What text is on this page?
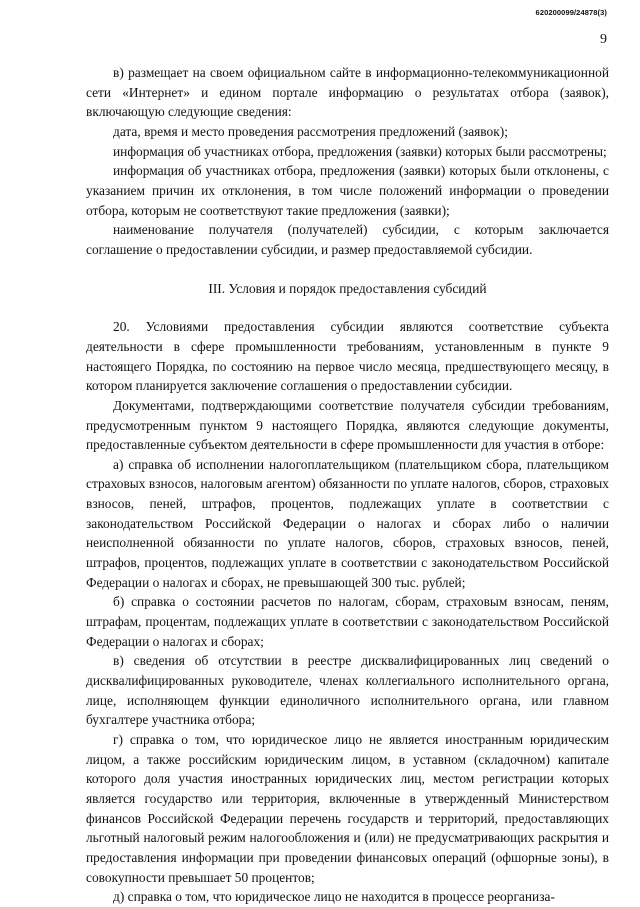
620200099/24878(3)
9

в) размещает на своем официальном сайте в информационно-телекоммуникационной сети «Интернет» и едином портале информацию о результатах отбора (заявок), включающую следующие сведения:

дата, время и место проведения рассмотрения предложений (заявок);

информация об участниках отбора, предложения (заявки) которых были рассмотрены;

информация об участниках отбора, предложения (заявки) которых были отклонены, с указанием причин их отклонения, в том числе положений информации о проведении отбора, которым не соответствуют такие предложения (заявки);

наименование получателя (получателей) субсидии, с которым заключается соглашение о предоставлении субсидии, и размер предоставляемой субсидии.

III. Условия и порядок предоставления субсидий

20. Условиями предоставления субсидии являются соответствие субъекта деятельности в сфере промышленности требованиям, установленным в пункте 9 настоящего Порядка, по состоянию на первое число месяца, предшествующего месяцу, в котором планируется заключение соглашения о предоставлении субсидии.

Документами, подтверждающими соответствие получателя субсидии требованиям, предусмотренным пунктом 9 настоящего Порядка, являются следующие документы, предоставленные субъектом деятельности в сфере промышленности для участия в отборе:

а) справка об исполнении налогоплательщиком (плательщиком сбора, плательщиком страховых взносов, налоговым агентом) обязанности по уплате налогов, сборов, страховых взносов, пеней, штрафов, процентов, подлежащих уплате в соответствии с законодательством Российской Федерации о налогах и сборах либо о наличии неисполненной обязанности по уплате налогов, сборов, страховых взносов, пеней, штрафов, процентов, подлежащих уплате в соответствии с законодательством Российской Федерации о налогах и сборах, не превышающей 300 тыс. рублей;

б) справка о состоянии расчетов по налогам, сборам, страховым взносам, пеням, штрафам, процентам, подлежащих уплате в соответствии с законодательством Российской Федерации о налогах и сборах;

в) сведения об отсутствии в реестре дисквалифицированных лиц сведений о дисквалифицированных руководителе, членах коллегиального исполнительного органа, лице, исполняющем функции единоличного исполнительного органа, или главном бухгалтере участника отбора;

г) справка о том, что юридическое лицо не является иностранным юридическим лицом, а также российским юридическим лицом, в уставном (складочном) капитале которого доля участия иностранных юридических лиц, местом регистрации которых является государство или территория, включенные в утвержденный Министерством финансов Российской Федерации перечень государств и территорий, предоставляющих льготный налоговый режим налогообложения и (или) не предусматривающих раскрытия и предоставления информации при проведении финансовых операций (офшорные зоны), в совокупности превышает 50 процентов;

д) справка о том, что юридическое лицо не находится в процессе реорганиза-
